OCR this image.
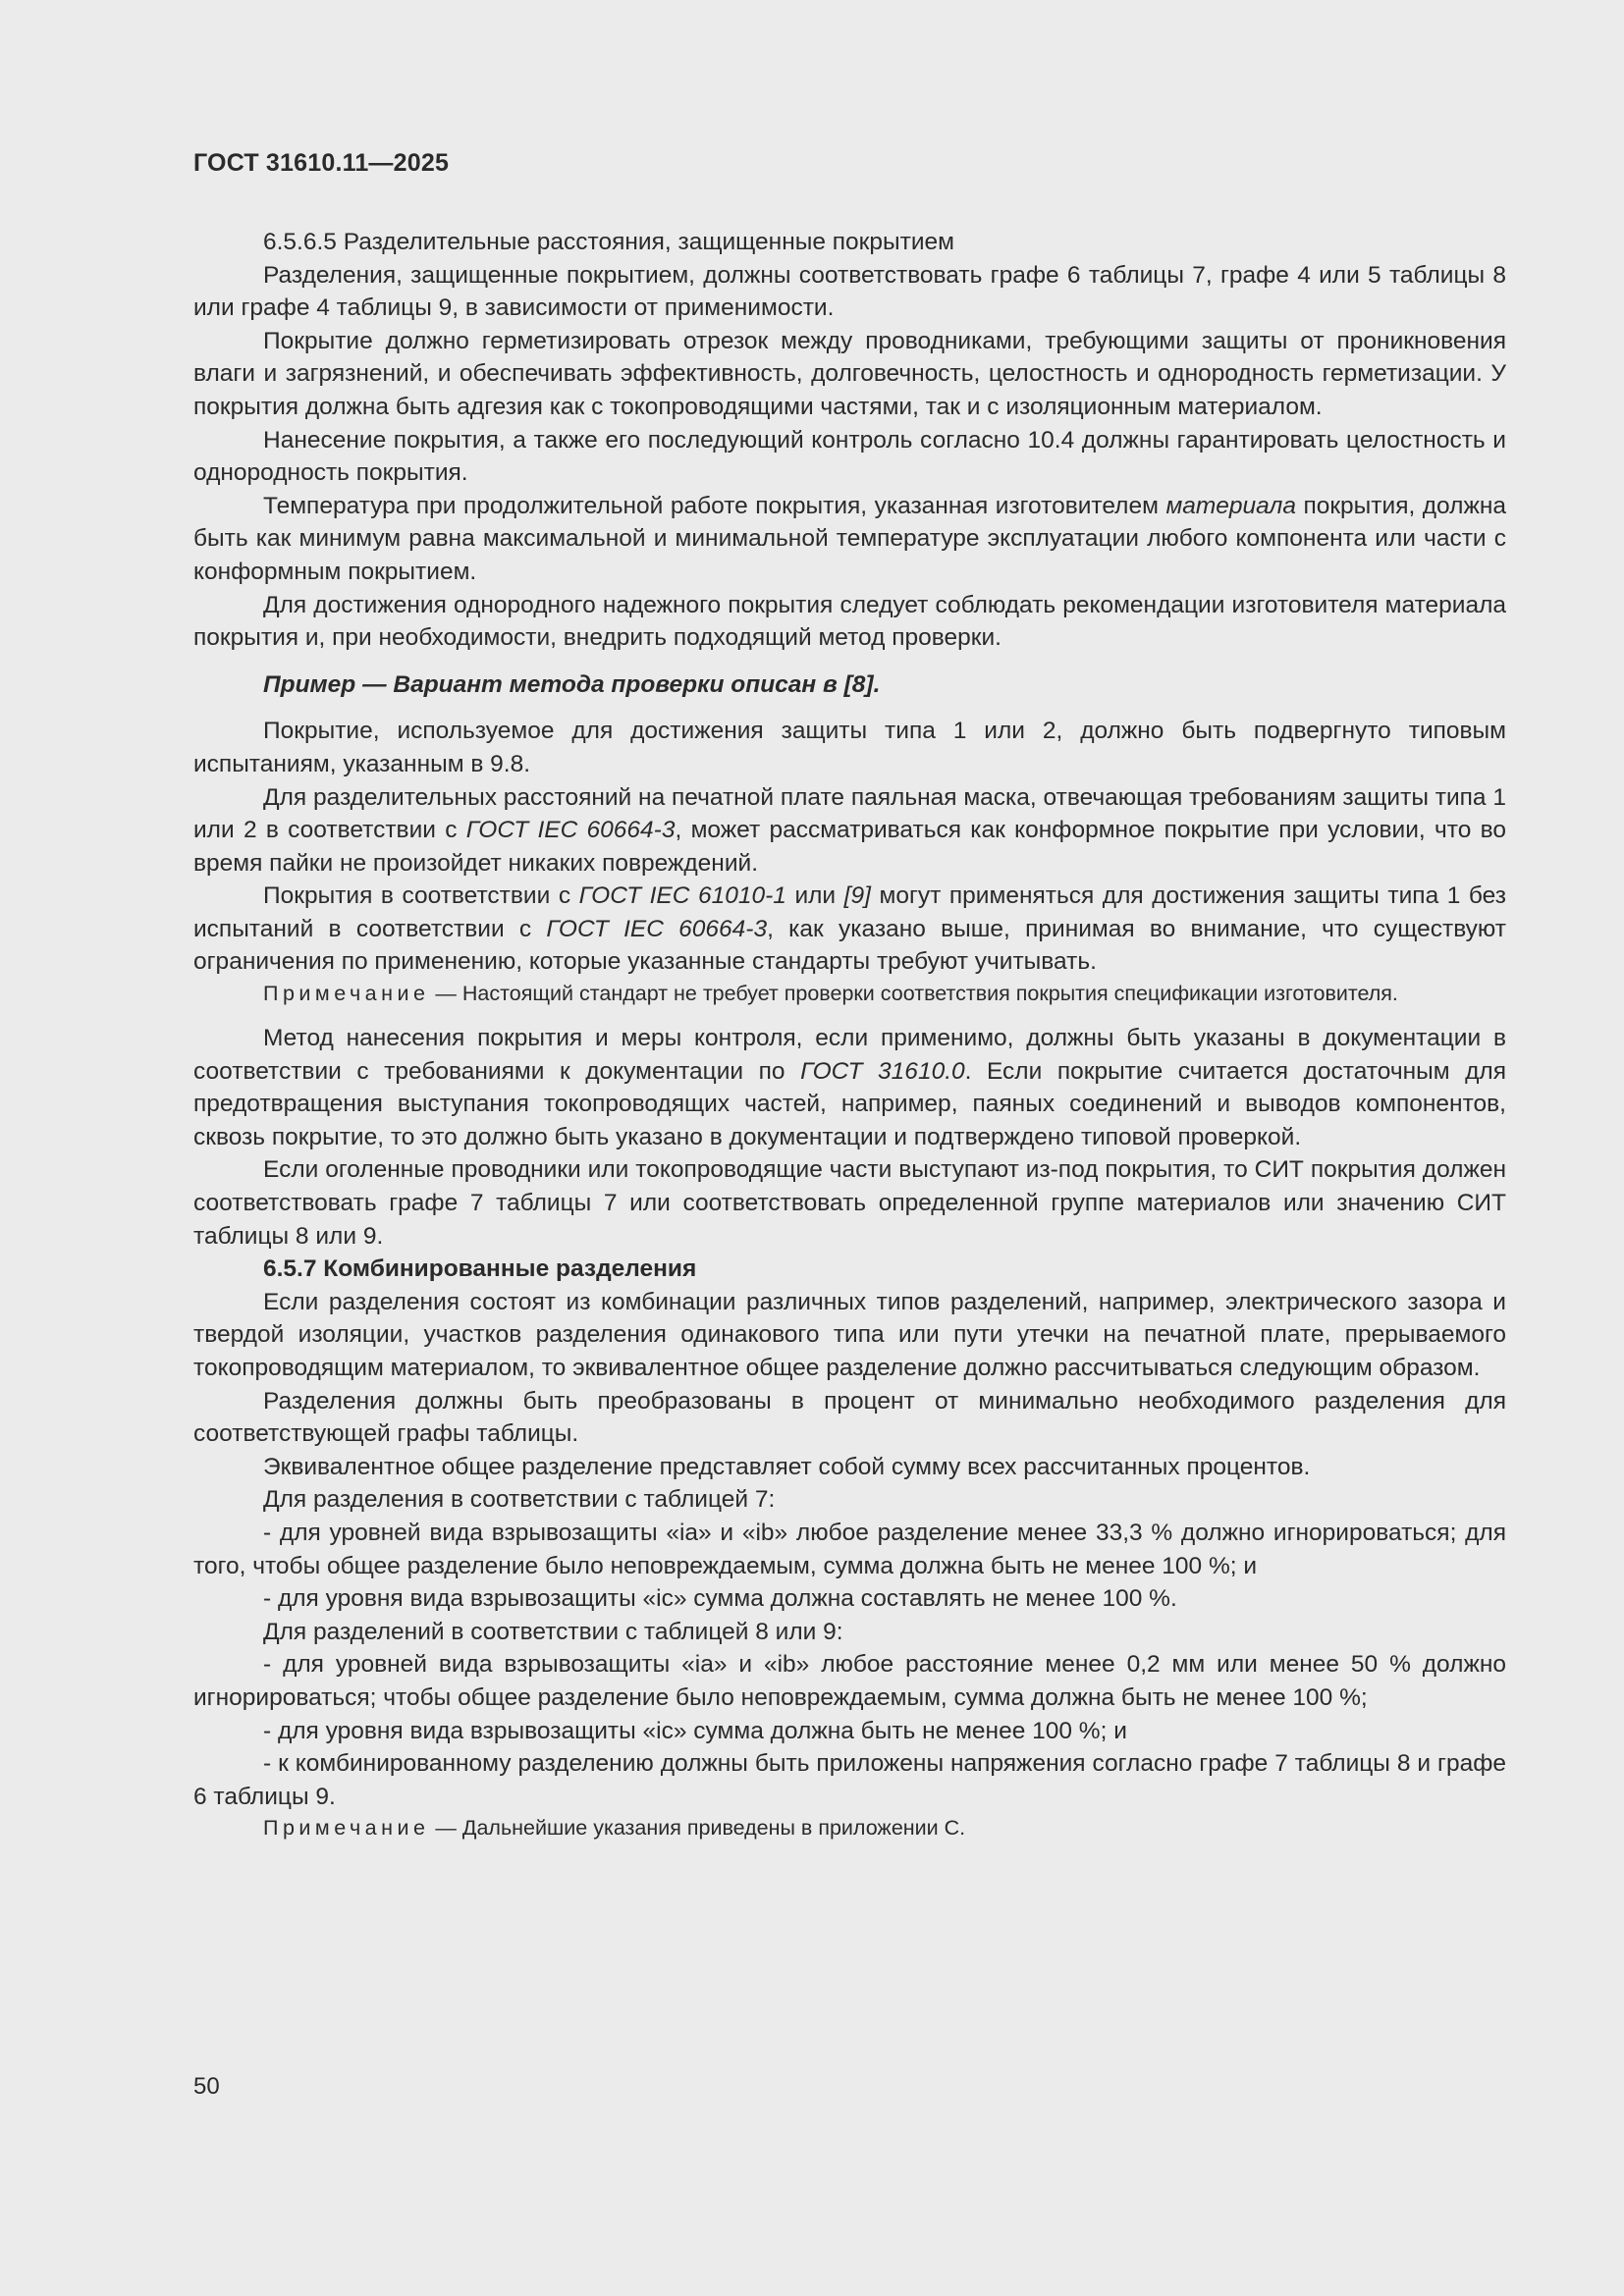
ГОСТ 31610.11—2025

6.5.6.5 Разделительные расстояния, защищенные покрытием

Разделения, защищенные покрытием, должны соответствовать графе 6 таблицы 7, графе 4 или 5 таблицы 8 или графе 4 таблицы 9, в зависимости от применимости.

Покрытие должно герметизировать отрезок между проводниками, требующими защиты от проникновения влаги и загрязнений, и обеспечивать эффективность, долговечность, целостность и однородность герметизации. У покрытия должна быть адгезия как с токопроводящими частями, так и с изоляционным материалом.

Нанесение покрытия, а также его последующий контроль согласно 10.4 должны гарантировать целостность и однородность покрытия.

Температура при продолжительной работе покрытия, указанная изготовителем материала покрытия, должна быть как минимум равна максимальной и минимальной температуре эксплуатации любого компонента или части с конформным покрытием.

Для достижения однородного надежного покрытия следует соблюдать рекомендации изготовителя материала покрытия и, при необходимости, внедрить подходящий метод проверки.

Пример — Вариант метода проверки описан в [8].

Покрытие, используемое для достижения защиты типа 1 или 2, должно быть подвергнуто типовым испытаниям, указанным в 9.8.

Для разделительных расстояний на печатной плате паяльная маска, отвечающая требованиям защиты типа 1 или 2 в соответствии с ГОСТ IEC 60664-3, может рассматриваться как конформное покрытие при условии, что во время пайки не произойдет никаких повреждений.

Покрытия в соответствии с ГОСТ IEC 61010-1 или [9] могут применяться для достижения защиты типа 1 без испытаний в соответствии с ГОСТ IEC 60664-3, как указано выше, принимая во внимание, что существуют ограничения по применению, которые указанные стандарты требуют учитывать.

Примечание — Настоящий стандарт не требует проверки соответствия покрытия спецификации изготовителя.

Метод нанесения покрытия и меры контроля, если применимо, должны быть указаны в документации в соответствии с требованиями к документации по ГОСТ 31610.0. Если покрытие считается достаточным для предотвращения выступания токопроводящих частей, например, паяных соединений и выводов компонентов, сквозь покрытие, то это должно быть указано в документации и подтверждено типовой проверкой.

Если оголенные проводники или токопроводящие части выступают из-под покрытия, то СИТ покрытия должен соответствовать графе 7 таблицы 7 или соответствовать определенной группе материалов или значению СИТ таблицы 8 или 9.

6.5.7 Комбинированные разделения

Если разделения состоят из комбинации различных типов разделений, например, электрического зазора и твердой изоляции, участков разделения одинакового типа или пути утечки на печатной плате, прерываемого токопроводящим материалом, то эквивалентное общее разделение должно рассчитываться следующим образом.

Разделения должны быть преобразованы в процент от минимально необходимого разделения для соответствующей графы таблицы.

Эквивалентное общее разделение представляет собой сумму всех рассчитанных процентов.

Для разделения в соответствии с таблицей 7:

- для уровней вида взрывозащиты «ia» и «ib» любое разделение менее 33,3 % должно игнорироваться; для того, чтобы общее разделение было неповреждаемым, сумма должна быть не менее 100 %; и

- для уровня вида взрывозащиты «ic» сумма должна составлять не менее 100 %.

Для разделений в соответствии с таблицей 8 или 9:

- для уровней вида взрывозащиты «ia» и «ib» любое расстояние менее 0,2 мм или менее 50 % должно игнорироваться; чтобы общее разделение было неповреждаемым, сумма должна быть не менее 100 %;

- для уровня вида взрывозащиты «ic» сумма должна быть не менее 100 %; и

- к комбинированному разделению должны быть приложены напряжения согласно графе 7 таблицы 8 и графе 6 таблицы 9.

Примечание — Дальнейшие указания приведены в приложении С.

50
